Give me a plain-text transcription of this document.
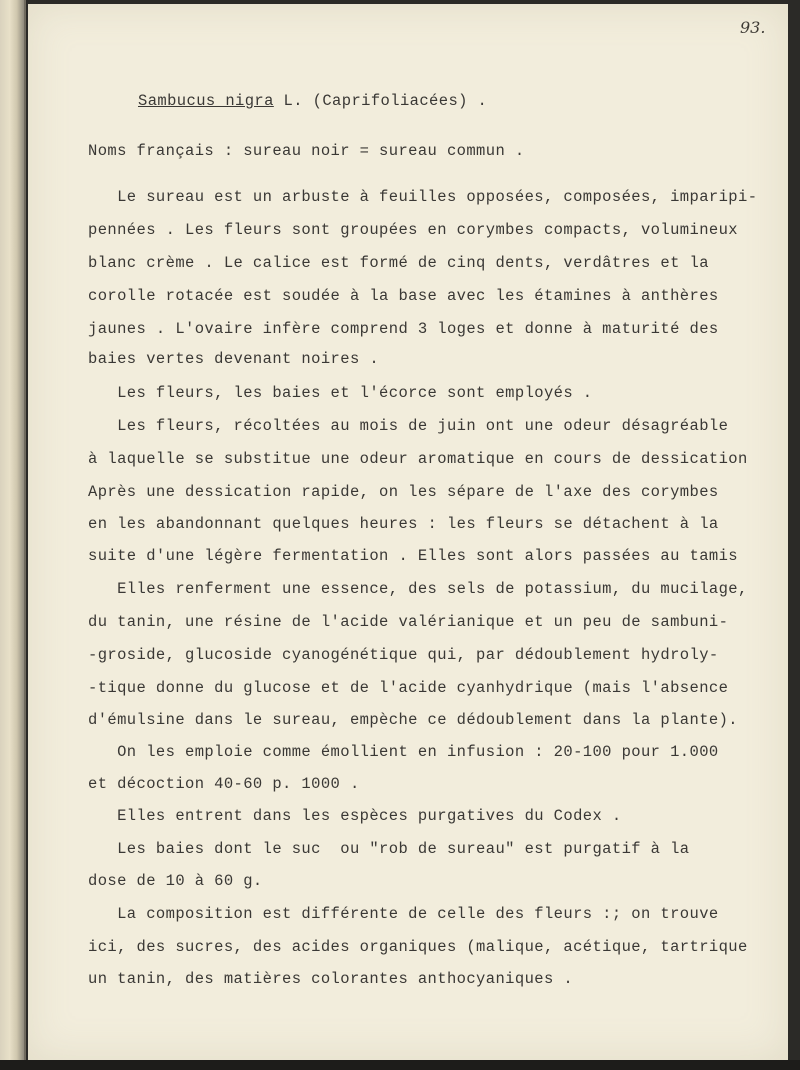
93.
Sambucus nigra L. (Caprifoliacées) .
Noms français : sureau noir = sureau commun .
Le sureau est un arbuste à feuilles opposées, composées, imparipi-
pennées . Les fleurs sont groupées en corymbes compacts, volumineux
blanc crème . Le calice est formé de cinq dents, verdâtres et la
corolle rotacée est soudée à la base avec les étamines à anthères
jaunes . L'ovaire infère comprend 3 loges et donne à maturité des
baies vertes devenant noires .
Les fleurs, les baies et l'écorce sont employés .
Les fleurs, récoltées au mois de juin ont une odeur désagréable
à laquelle se substitue une odeur aromatique en cours de dessication
Après une dessication rapide, on les sépare de l'axe des corymbes
en les abandonnant quelques heures : les fleurs se détachent à la
suite d'une légère fermentation . Elles sont alors passées au tamis
Elles renferment une essence, des sels de potassium, du mucilage,
du tanin, une résine de l'acide valérianique et un peu de sambuni-
-groside, glucoside cyanogénétique qui, par dédoublement hydroly-
-tique donne du glucose et de l'acide cyanhydrique (mais l'absence
d'émulsine dans le sureau, empèche ce dédoublement dans la plante).
On les emploie comme émollient en infusion : 20-100 pour 1.000
et décoction 40-60 p. 1000 .
Elles entrent dans les espèces purgatives du Codex .
Les baies dont le suc  ou "rob de sureau" est purgatif à la
dose de 10 à 60 g.
La composition est différente de celle des fleurs :; on trouve
ici, des sucres, des acides organiques (malique, acétique, tartrique
un tanin, des matières colorantes anthocyaniques .
